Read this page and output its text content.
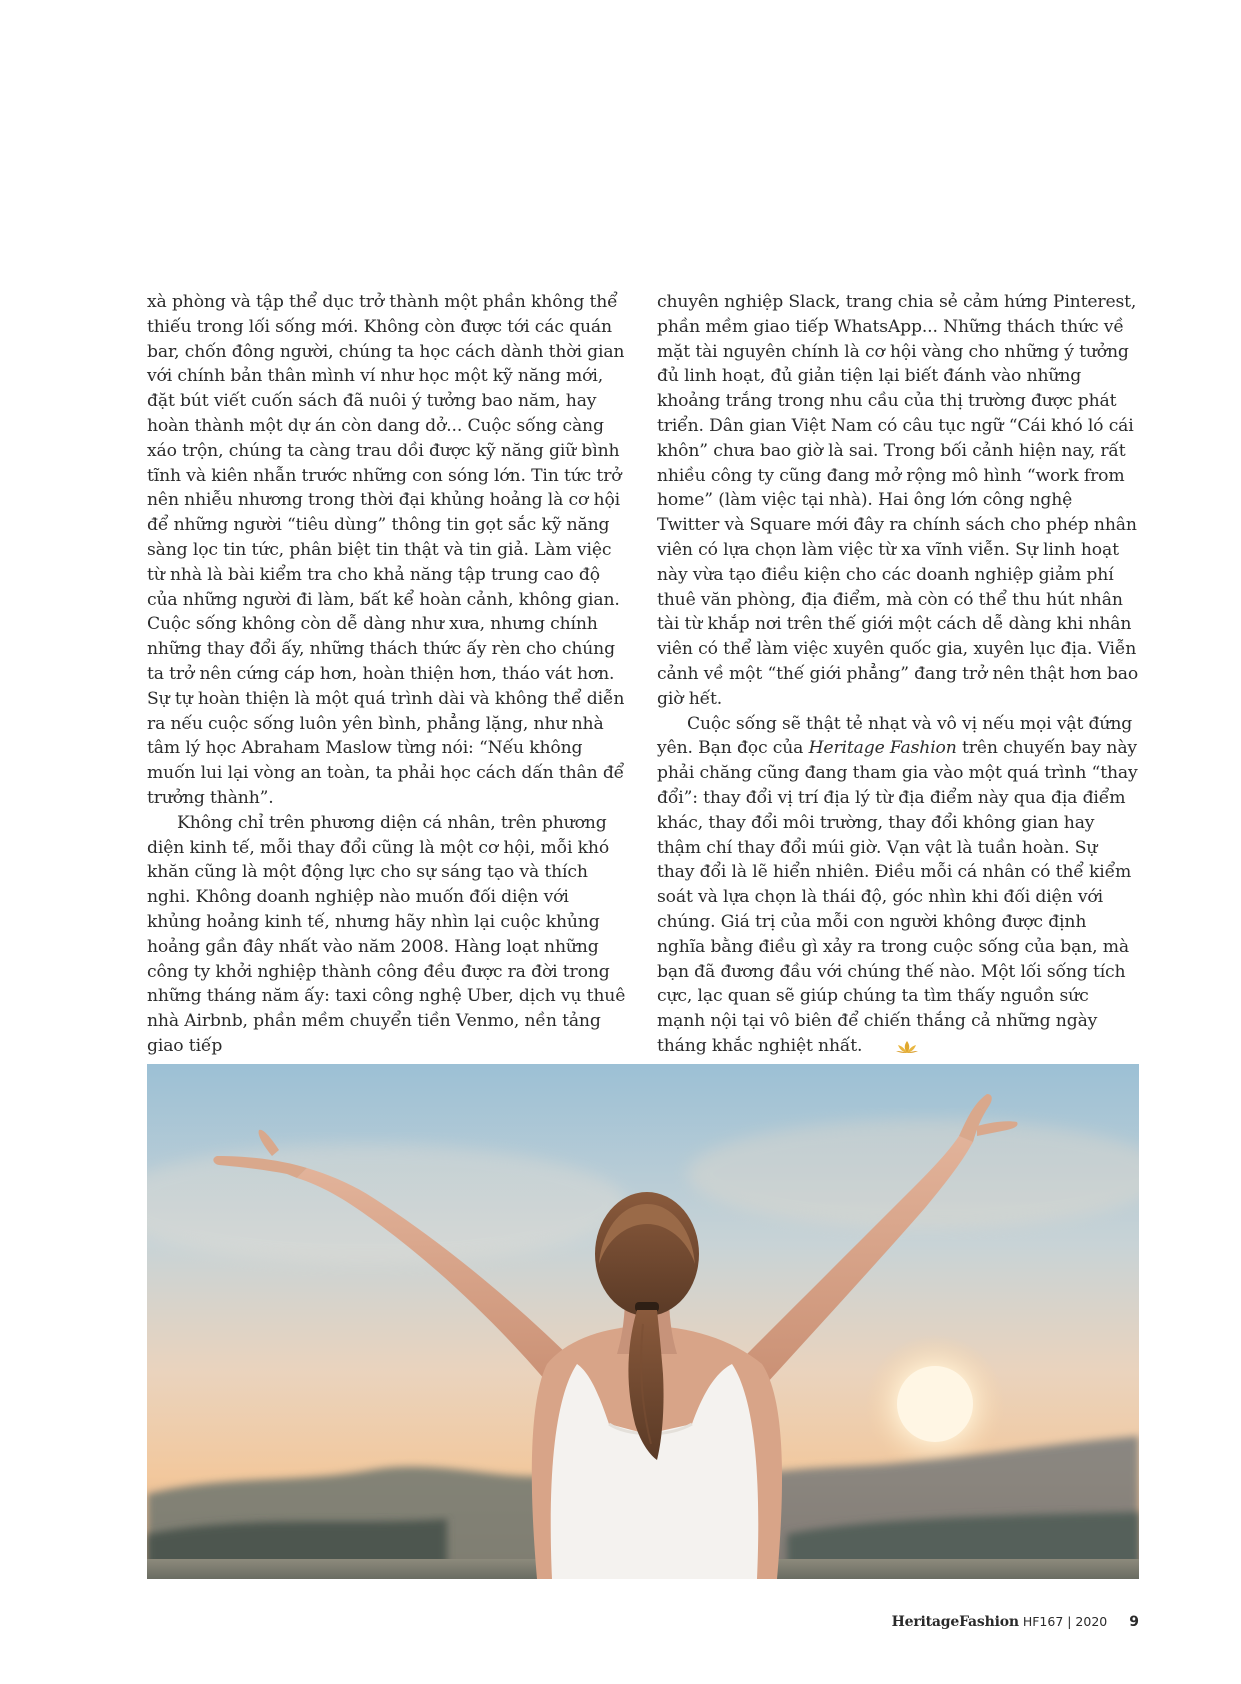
xà phòng và tập thể dục trở thành một phần không thể thiếu trong lối sống mới. Không còn được tới các quán bar, chốn đông người, chúng ta học cách dành thời gian với chính bản thân mình ví như học một kỹ năng mới, đặt bút viết cuốn sách đã nuôi ý tưởng bao năm, hay hoàn thành một dự án còn dang dở... Cuộc sống càng xáo trộn, chúng ta càng trau dồi được kỹ năng giữ bình tĩnh và kiên nhẫn trước những con sóng lớn. Tin tức trở nên nhiễu nhương trong thời đại khủng hoảng là cơ hội để những người “tiêu dùng” thông tin gọt sắc kỹ năng sàng lọc tin tức, phân biệt tin thật và tin giả. Làm việc từ nhà là bài kiểm tra cho khả năng tập trung cao độ của những người đi làm, bất kể hoàn cảnh, không gian. Cuộc sống không còn dễ dàng như xưa, nhưng chính những thay đổi ấy, những thách thức ấy rèn cho chúng ta trở nên cứng cáp hơn, hoàn thiện hơn, tháo vát hơn. Sự tự hoàn thiện là một quá trình dài và không thể diễn ra nếu cuộc sống luôn yên bình, phẳng lặng, như nhà tâm lý học Abraham Maslow từng nói: “Nếu không muốn lui lại vòng an toàn, ta phải học cách dấn thân để trưởng thành”.

Không chỉ trên phương diện cá nhân, trên phương diện kinh tế, mỗi thay đổi cũng là một cơ hội, mỗi khó khăn cũng là một động lực cho sự sáng tạo và thích nghi. Không doanh nghiệp nào muốn đối diện với khủng hoảng kinh tế, nhưng hãy nhìn lại cuộc khủng hoảng gần đây nhất vào năm 2008. Hàng loạt những công ty khởi nghiệp thành công đều được ra đời trong những tháng năm ấy: taxi công nghệ Uber, dịch vụ thuê nhà Airbnb, phần mềm chuyển tiền Venmo, nền tảng giao tiếp

chuyên nghiệp Slack, trang chia sẻ cảm hứng Pinterest, phần mềm giao tiếp WhatsApp... Những thách thức về mặt tài nguyên chính là cơ hội vàng cho những ý tưởng đủ linh hoạt, đủ giản tiện lại biết đánh vào những khoảng trắng trong nhu cầu của thị trường được phát triển. Dân gian Việt Nam có câu tục ngữ “Cái khó ló cái khôn” chưa bao giờ là sai. Trong bối cảnh hiện nay, rất nhiều công ty cũng đang mở rộng mô hình “work from home” (làm việc tại nhà). Hai ông lớn công nghệ Twitter và Square mới đây ra chính sách cho phép nhân viên có lựa chọn làm việc từ xa vĩnh viễn. Sự linh hoạt này vừa tạo điều kiện cho các doanh nghiệp giảm phí thuê văn phòng, địa điểm, mà còn có thể thu hút nhân tài từ khắp nơi trên thế giới một cách dễ dàng khi nhân viên có thể làm việc xuyên quốc gia, xuyên lục địa. Viễn cảnh về một “thế giới phẳng” đang trở nên thật hơn bao giờ hết.

Cuộc sống sẽ thật tẻ nhạt và vô vị nếu mọi vật đứng yên. Bạn đọc của Heritage Fashion trên chuyến bay này phải chăng cũng đang tham gia vào một quá trình “thay đổi”: thay đổi vị trí địa lý từ địa điểm này qua địa điểm khác, thay đổi môi trường, thay đổi không gian hay thậm chí thay đổi múi giờ. Vạn vật là tuần hoàn. Sự thay đổi là lẽ hiển nhiên. Điều mỗi cá nhân có thể kiểm soát và lựa chọn là thái độ, góc nhìn khi đối diện với chúng. Giá trị của mỗi con người không được định nghĩa bằng điều gì xảy ra trong cuộc sống của bạn, mà bạn đã đương đầu với chúng thế nào. Một lối sống tích cực, lạc quan sẽ giúp chúng ta tìm thấy nguồn sức mạnh nội tại vô biên để chiến thắng cả những ngày tháng khắc nghiệt nhất.

HeritageFashion HF167 | 2020 9
